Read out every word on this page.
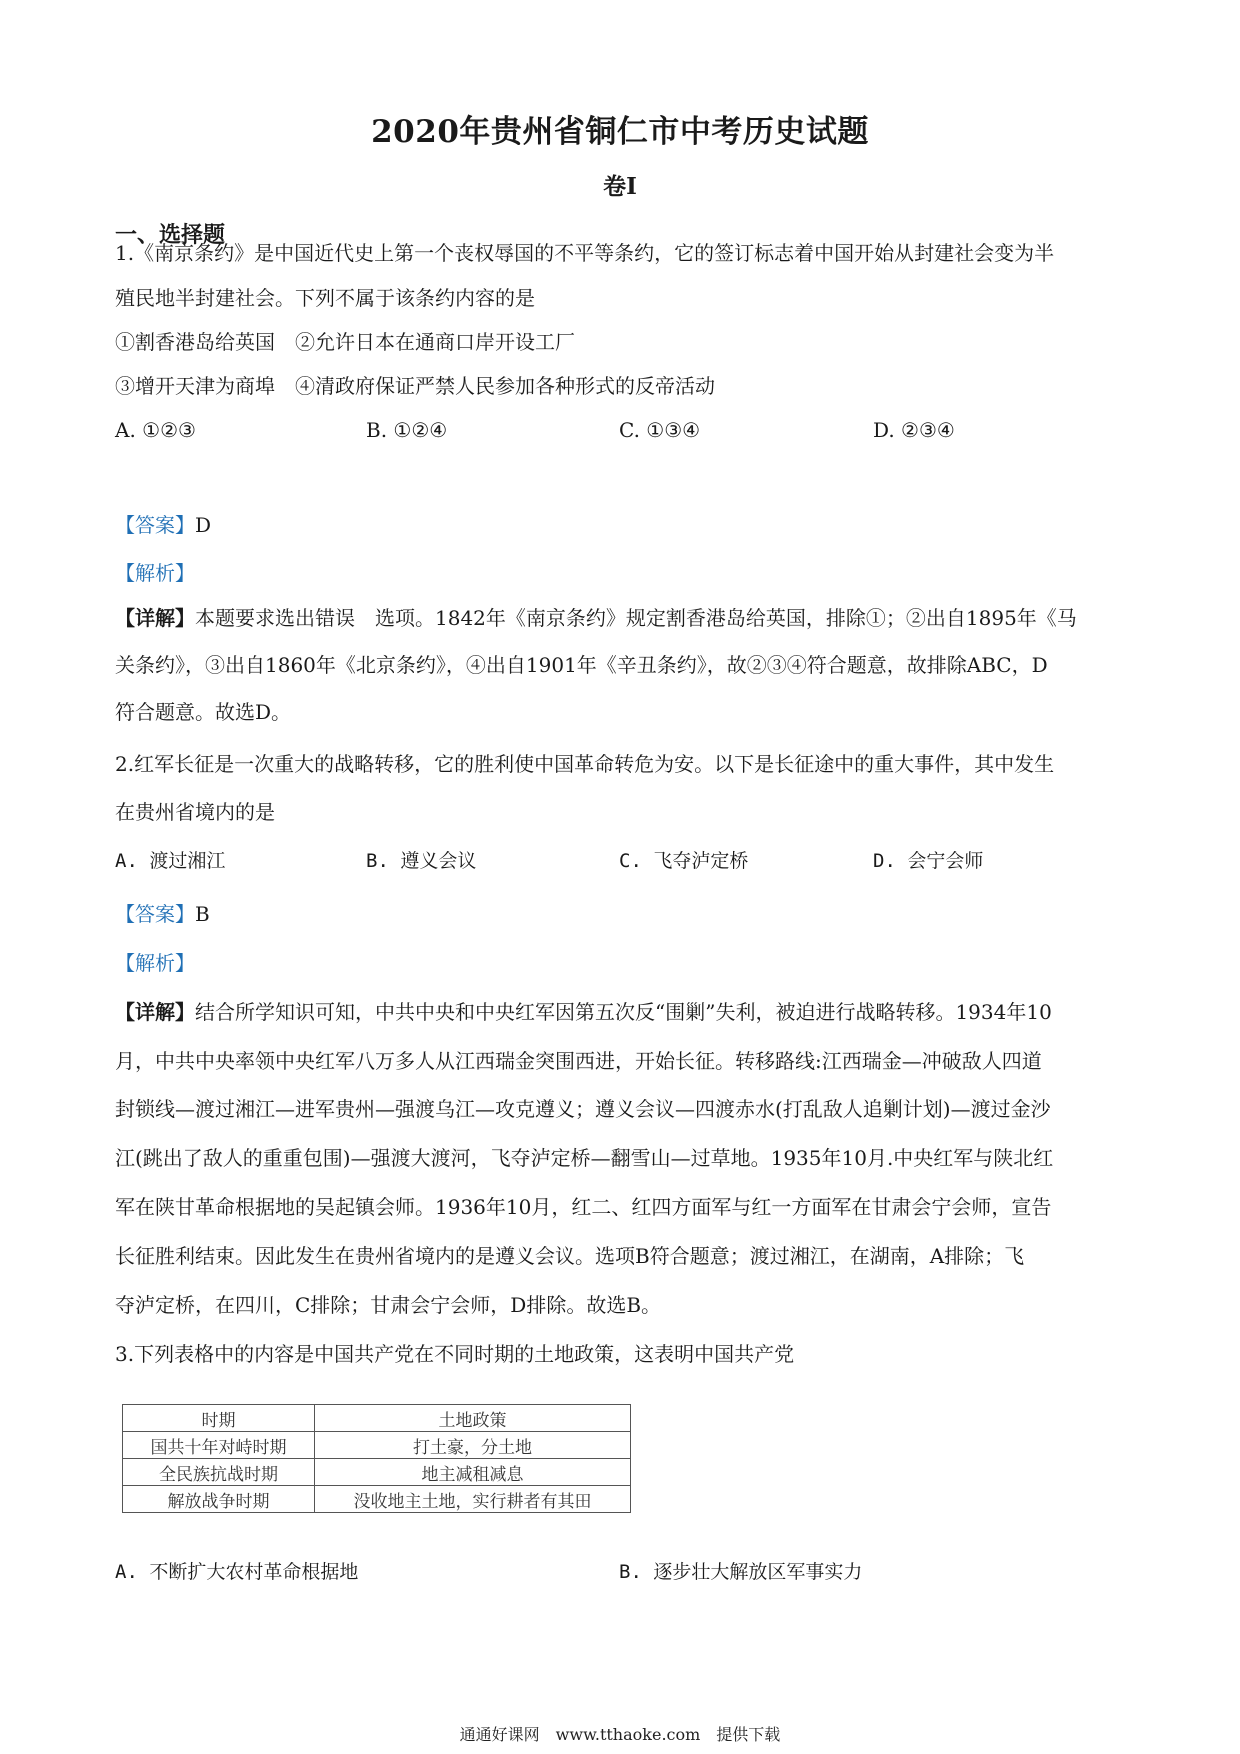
2020年贵州省铜仁市中考历史试题
卷I
一、选择题
1.《南京条约》是中国近代史上第一个丧权辱国的不平等条约，它的签订标志着中国开始从封建社会变为半
殖民地半封建社会。下列不属于该条约内容的是
①割香港岛给英国　②允许日本在通商口岸开设工厂
③增开天津为商埠　④清政府保证严禁人民参加各种形式的反帝活动
A. ①②③	B. ①②④	C. ①③④	D. ②③④
【答案】D
【解析】
【详解】本题要求选出错误　选项。1842年《南京条约》规定割香港岛给英国，排除①；②出自1895年《马
关条约》，③出自1860年《北京条约》，④出自1901年《辛丑条约》，故②③④符合题意，故排除ABC，D
符合题意。故选D。
2.红军长征是一次重大的战略转移，它的胜利使中国革命转危为安。以下是长征途中的重大事件，其中发生
在贵州省境内的是
A. 渡过湘江	B. 遵义会议	C. 飞夺泸定桥	D. 会宁会师
【答案】B
【解析】
【详解】结合所学知识可知，中共中央和中央红军因第五次反“围剿”失利，被迫进行战略转移。1934年10
月，中共中央率领中央红军八万多人从江西瑞金突围西进，开始长征。转移路线:江西瑞金—冲破敌人四道
封锁线—渡过湘江—进军贵州—强渡乌江—攻克遵义；遵义会议—四渡赤水(打乱敌人追剿计划)—渡过金沙
江(跳出了敌人的重重包围)—强渡大渡河，飞夺泸定桥—翻雪山—过草地。1935年10月.中央红军与陕北红
军在陕甘革命根据地的吴起镇会师。1936年10月，红二、红四方面军与红一方面军在甘肃会宁会师，宣告
长征胜利结束。因此发生在贵州省境内的是遵义会议。选项B符合题意；渡过湘江，在湖南，A排除；飞
夺泸定桥，在四川，C排除；甘肃会宁会师，D排除。故选B。
3.下列表格中的内容是中国共产党在不同时期的土地政策，这表明中国共产党
时期	土地政策
国共十年对峙时期	打土豪，分土地
全民族抗战时期	地主减租减息
解放战争时期	没收地主土地，实行耕者有其田
A. 不断扩大农村革命根据地	B. 逐步壮大解放区军事实力
通通好课网　www.tthaoke.com　提供下载
